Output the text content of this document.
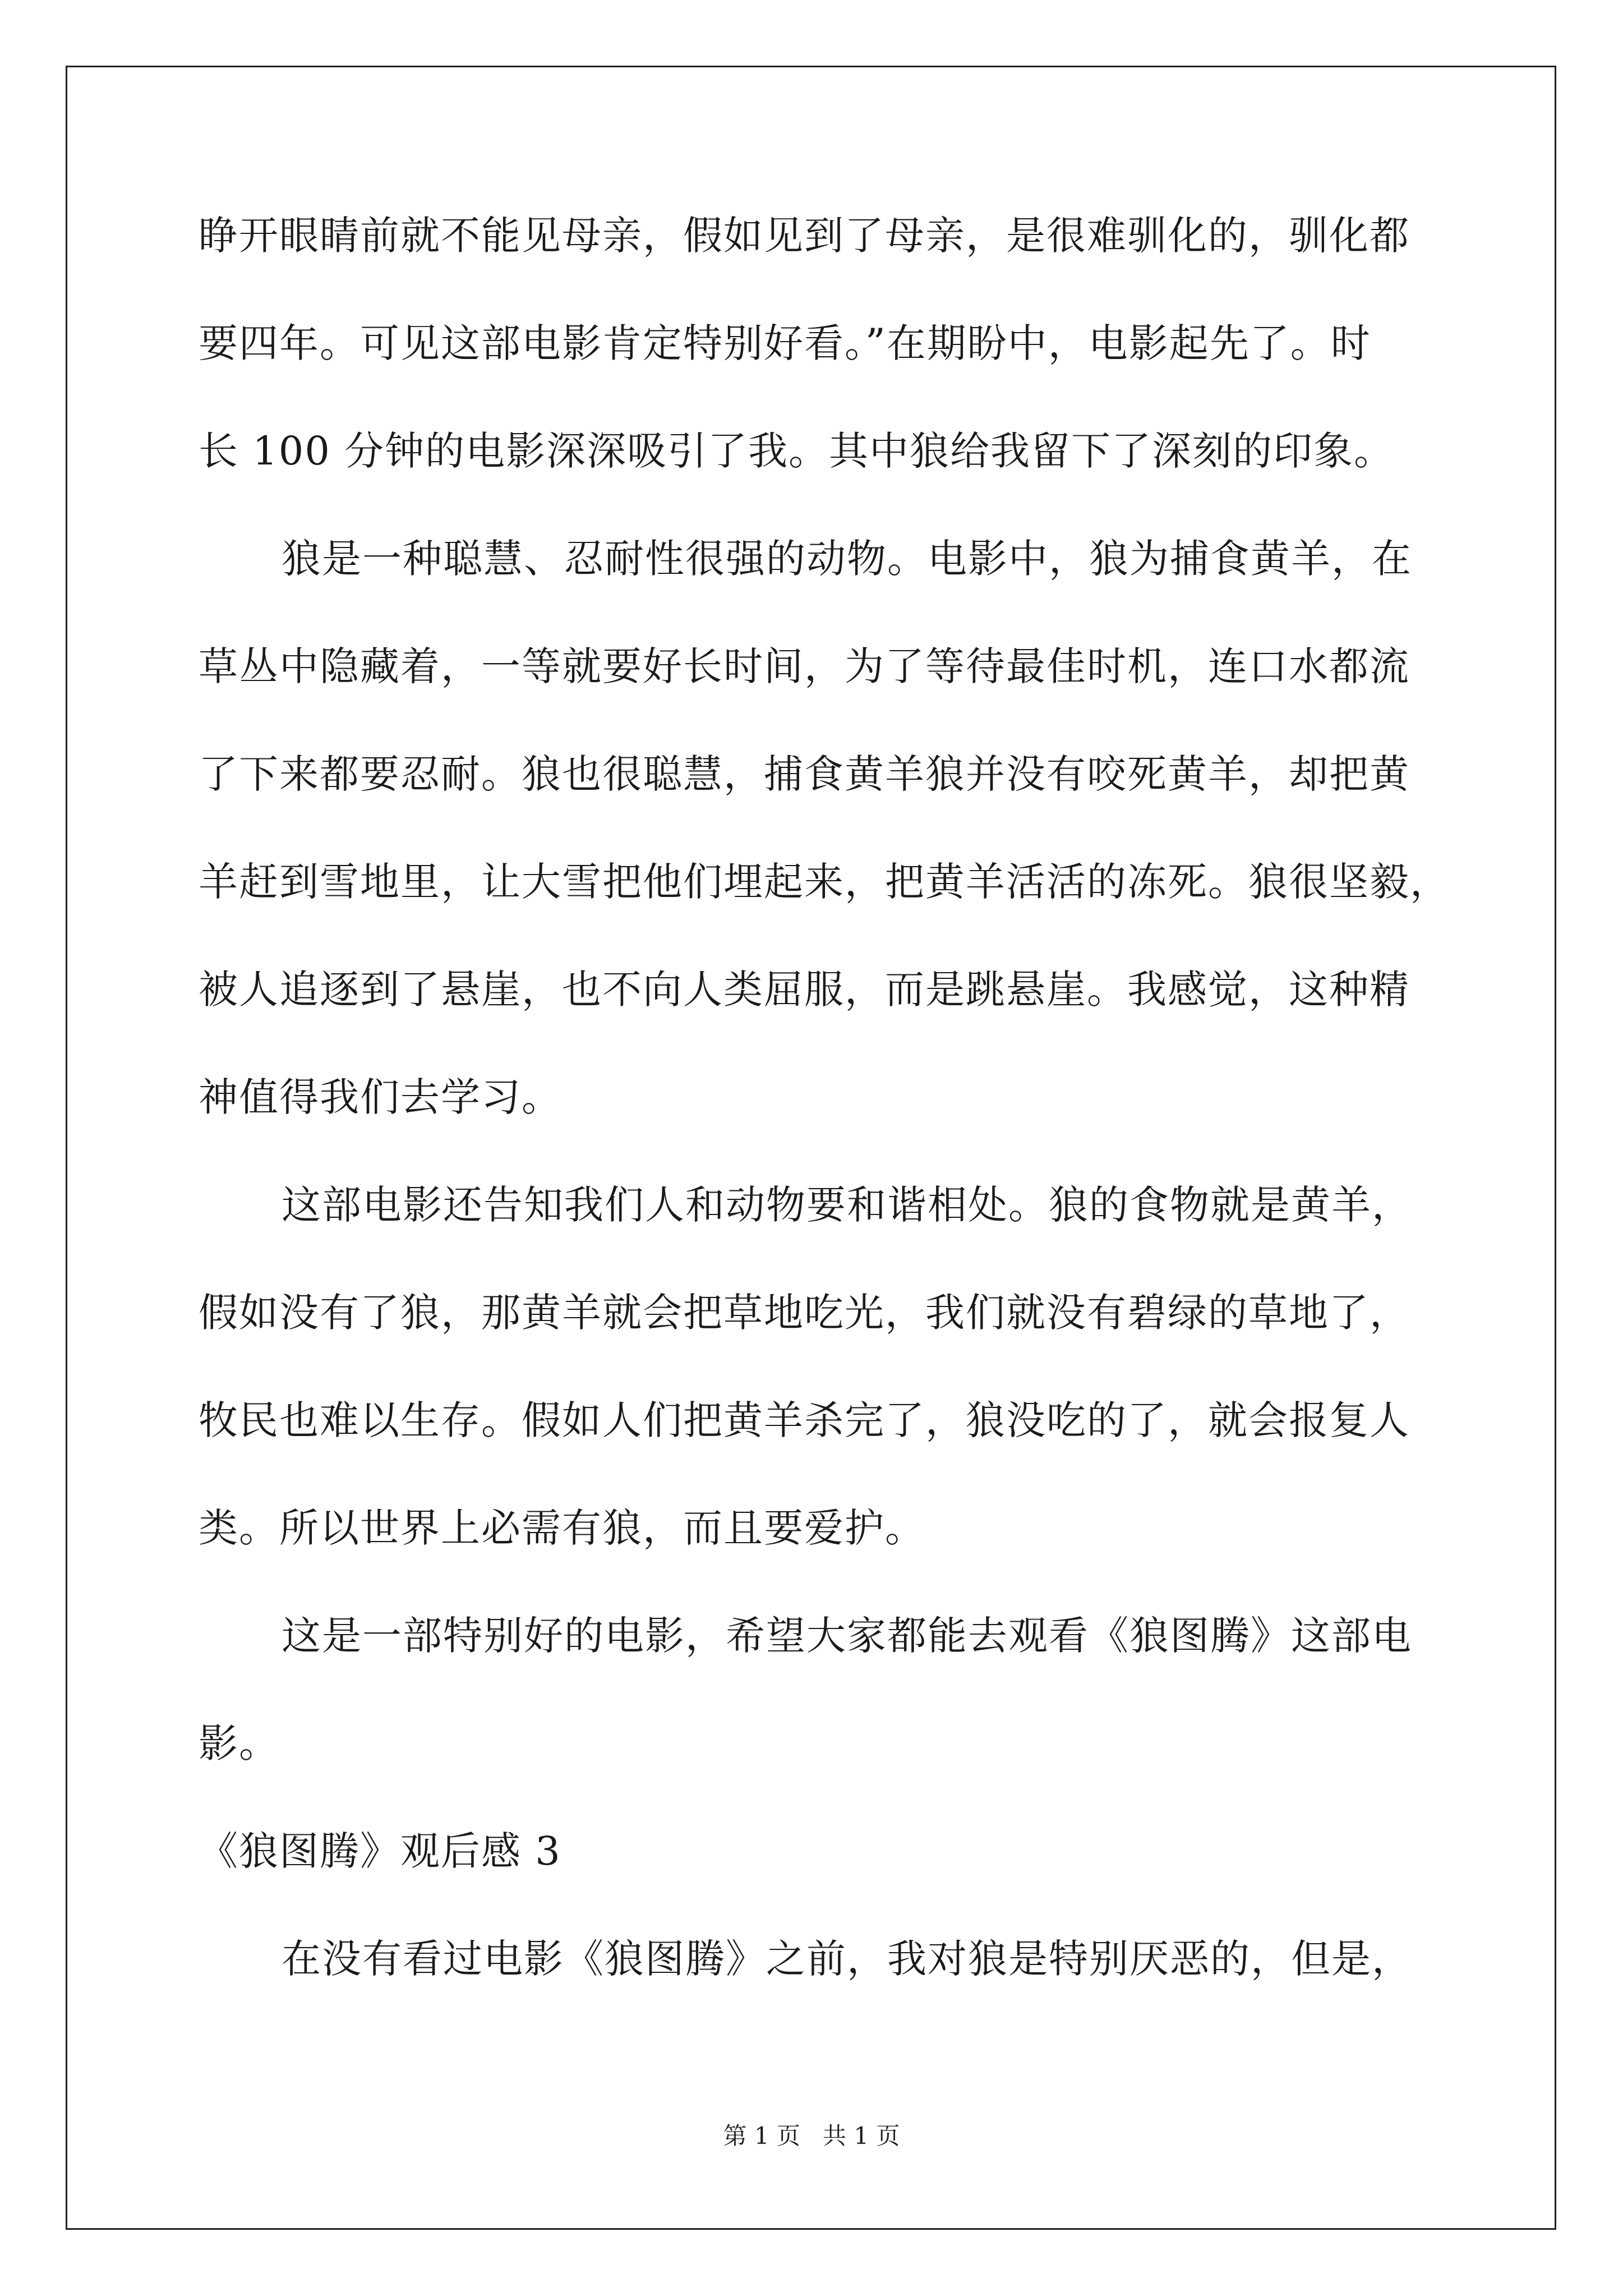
睁开眼睛前就不能见母亲，假如见到了母亲，是很难驯化的，驯化都
要四年。可见这部电影肯定特别好看。”在期盼中，电影起先了。时
长 100 分钟的电影深深吸引了我。其中狼给我留下了深刻的印象。
狼是一种聪慧、忍耐性很强的动物。电影中，狼为捕食黄羊，在
草丛中隐藏着，一等就要好长时间，为了等待最佳时机，连口水都流
了下来都要忍耐。狼也很聪慧，捕食黄羊狼并没有咬死黄羊，却把黄
羊赶到雪地里，让大雪把他们埋起来，把黄羊活活的冻死。狼很坚毅，
被人追逐到了悬崖，也不向人类屈服，而是跳悬崖。我感觉，这种精
神值得我们去学习。
这部电影还告知我们人和动物要和谐相处。狼的食物就是黄羊，
假如没有了狼，那黄羊就会把草地吃光，我们就没有碧绿的草地了，
牧民也难以生存。假如人们把黄羊杀完了，狼没吃的了，就会报复人
类。所以世界上必需有狼，而且要爱护。
这是一部特别好的电影，希望大家都能去观看《狼图腾》这部电
影。
《狼图腾》观后感 3
在没有看过电影《狼图腾》之前，我对狼是特别厌恶的，但是，
第 1 页   共 1 页
